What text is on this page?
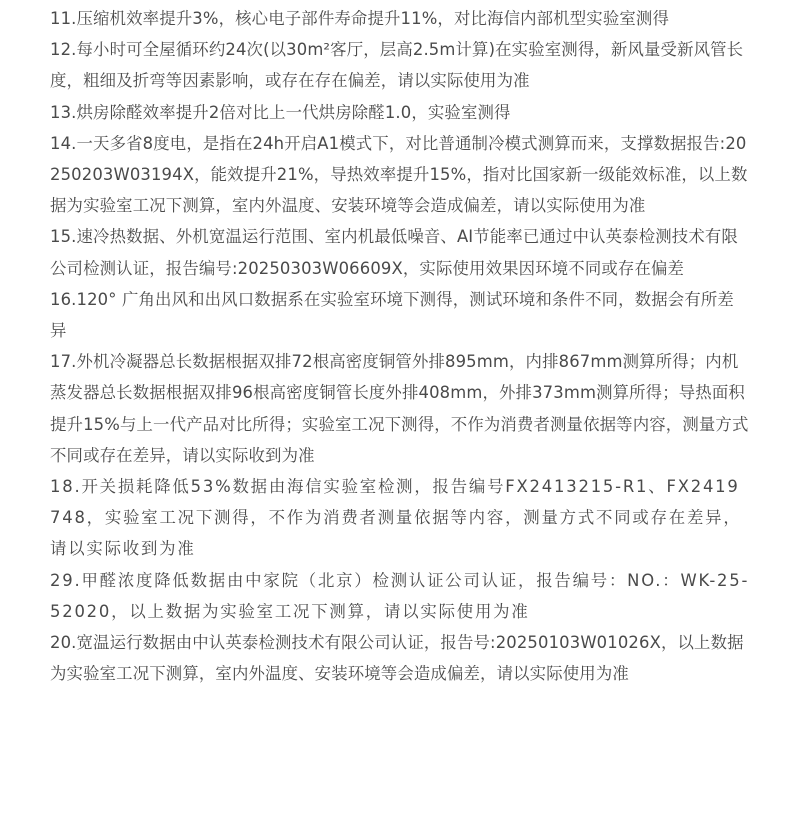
11.压缩机效率提升3%，核心电子部件寿命提升11%，对比海信内部机型实验室测得

12.每小时可全屋循环约24次(以30m²客厅，层高2.5m计算)在实验室测得，新风量受新风管长度，粗细及折弯等因素影响，或存在存在偏差，请以实际使用为准

13.烘房除醛效率提升2倍对比上一代烘房除醛1.0，实验室测得

14.一天多省8度电，是指在24h开启A1模式下，对比普通制冷模式测算而来，支撑数据报告:20250203W03194X，能效提升21%，导热效率提升15%，指对比国家新一级能效标准，以上数据为实验室工况下测算，室内外温度、安装环境等会造成偏差，请以实际使用为准

15.速冷热数据、外机宽温运行范围、室内机最低噪音、AI节能率已通过中认英泰检测技术有限公司检测认证，报告编号:20250303W06609X，实际使用效果因环境不同或存在偏差

16.120° 广角出风和出风口数据系在实验室环境下测得，测试环境和条件不同，数据会有所差异

17.外机冷凝器总长数据根据双排72根高密度铜管外排895mm，内排867mm测算所得；内机蒸发器总长数据根据双排96根高密度铜管长度外排408mm，外排373mm测算所得；导热面积提升15%与上一代产品对比所得；实验室工况下测得，不作为消费者测量依据等内容，测量方式不同或存在差异，请以实际收到为准

18.开关损耗降低53%数据由海信实验室检测，报告编号FX2413215-R1、FX2419748，实验室工况下测得，不作为消费者测量依据等内容，测量方式不同或存在差异，请以实际收到为准

29.甲醛浓度降低数据由中家院（北京）检测认证公司认证，报告编号：NO.：WK-25-52020，以上数据为实验室工况下测算，请以实际使用为准

20.宽温运行数据由中认英泰检测技术有限公司认证，报告号:20250103W01026X，以上数据为实验室工况下测算，室内外温度、安装环境等会造成偏差，请以实际使用为准
